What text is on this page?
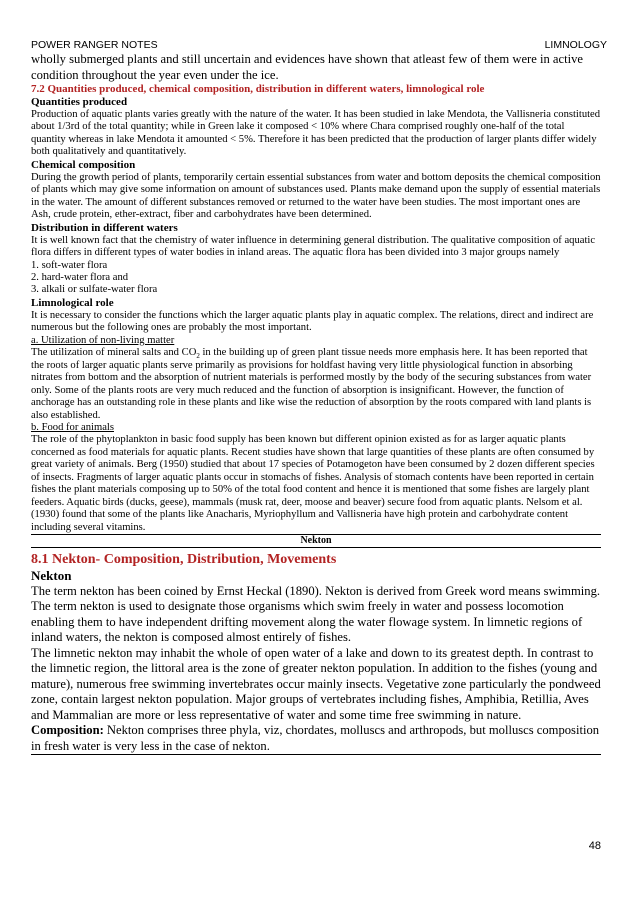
POWER RANGER NOTES	LIMNOLOGY

wholly submerged plants and still uncertain and evidences have shown that atleast few of them were in active condition throughout the year even under the ice.

7.2 Quantities produced, chemical composition, distribution in different waters, limnological role

Quantities produced

Production of aquatic plants varies greatly with the nature of the water. It has been studied in lake Mendota, the Vallisneria constituted about 1/3rd of the total quantity; while in Green lake it composed < 10% where Chara comprised roughly one-half of the total quantity whereas in lake Mendota it amounted < 5%. Therefore it has been predicted that the production of larger plants differ widely both qualitatively and quantitatively.

Chemical composition

During the growth period of plants, temporarily certain essential substances from water and bottom deposits the chemical composition of plants which may give some information on amount of substances used. Plants make demand upon the supply of essential materials in the water. The amount of different substances removed or returned to the water have been studies. The most important ones are Ash, crude protein, ether-extract, fiber and carbohydrates have been determined.

Distribution in different waters

It is well known fact that the chemistry of water influence in determining general distribution. The qualitative composition of aquatic flora differs in different types of water bodies in inland areas. The aquatic flora has been divided into 3 major groups namely

1. soft-water flora

2. hard-water flora and

3. alkali or sulfate-water flora

Limnological role

It is necessary to consider the functions which the larger aquatic plants play in aquatic complex. The relations, direct and indirect are numerous but the following ones are probably the most important.

a. Utilization of non-living matter

The utilization of mineral salts and $CO_2$ in the building up of green plant tissue needs more emphasis here. It has been reported that the roots of larger aquatic plants serve primarily as provisions for holdfast having very little physiological function in absorbing nitrates from bottom and the absorption of nutrient materials is performed mostly by the body of the securing substances from water only. Some of the plants roots are very much reduced and the function of absorption is insignificant. However, the function of anchorage has an outstanding role in these plants and like wise the reduction of absorption by the roots compared with land plants is also established.

b. Food for animals

The role of the phytoplankton in basic food supply has been known but different opinion existed as for as larger aquatic plants concerned as food materials for aquatic plants. Recent studies have shown that large quantities of these plants are often consumed by great variety of animals. Berg (1950) studied that about 17 species of Potamogeton have been consumed by 2 dozen different species of insects. Fragments of larger aquatic plants occur in stomachs of fishes. Analysis of stomach contents have been reported in certain fishes the plant materials composing up to 50% of the total food content and hence it is mentioned that some fishes are largely plant feeders. Aquatic birds (ducks, geese), mammals (musk rat, deer, moose and beaver) secure food from aquatic plants. Nelsom et al. (1930) found that some of the plants like Anacharis, Myriophyllum and Vallisneria have high protein and carbohydrate content including several vitamins.

Nekton

8.1 Nekton- Composition, Distribution, Movements

Nekton

The term nekton has been coined by Ernst Heckal (1890). Nekton is derived from Greek word means swimming. The term nekton is used to designate those organisms which swim freely in water and possess locomotion enabling them to have independent drifting movement along the water flowage system. In limnetic regions of inland waters, the nekton is composed almost entirely of fishes.

The limnetic nekton may inhabit the whole of open water of a lake and down to its greatest depth. In contrast to the limnetic region, the littoral area is the zone of greater nekton population. In addition to the fishes (young and mature), numerous free swimming invertebrates occur mainly insects. Vegetative zone particularly the pondweed zone, contain largest nekton population. Major groups of vertebrates including fishes, Amphibia, Retillia, Aves and Mammalian are more or less representative of water and some time free swimming in nature.

Composition: Nekton comprises three phyla, viz, chordates, molluscs and arthropods, but molluscs composition in fresh water is very less in the case of nekton.

48
